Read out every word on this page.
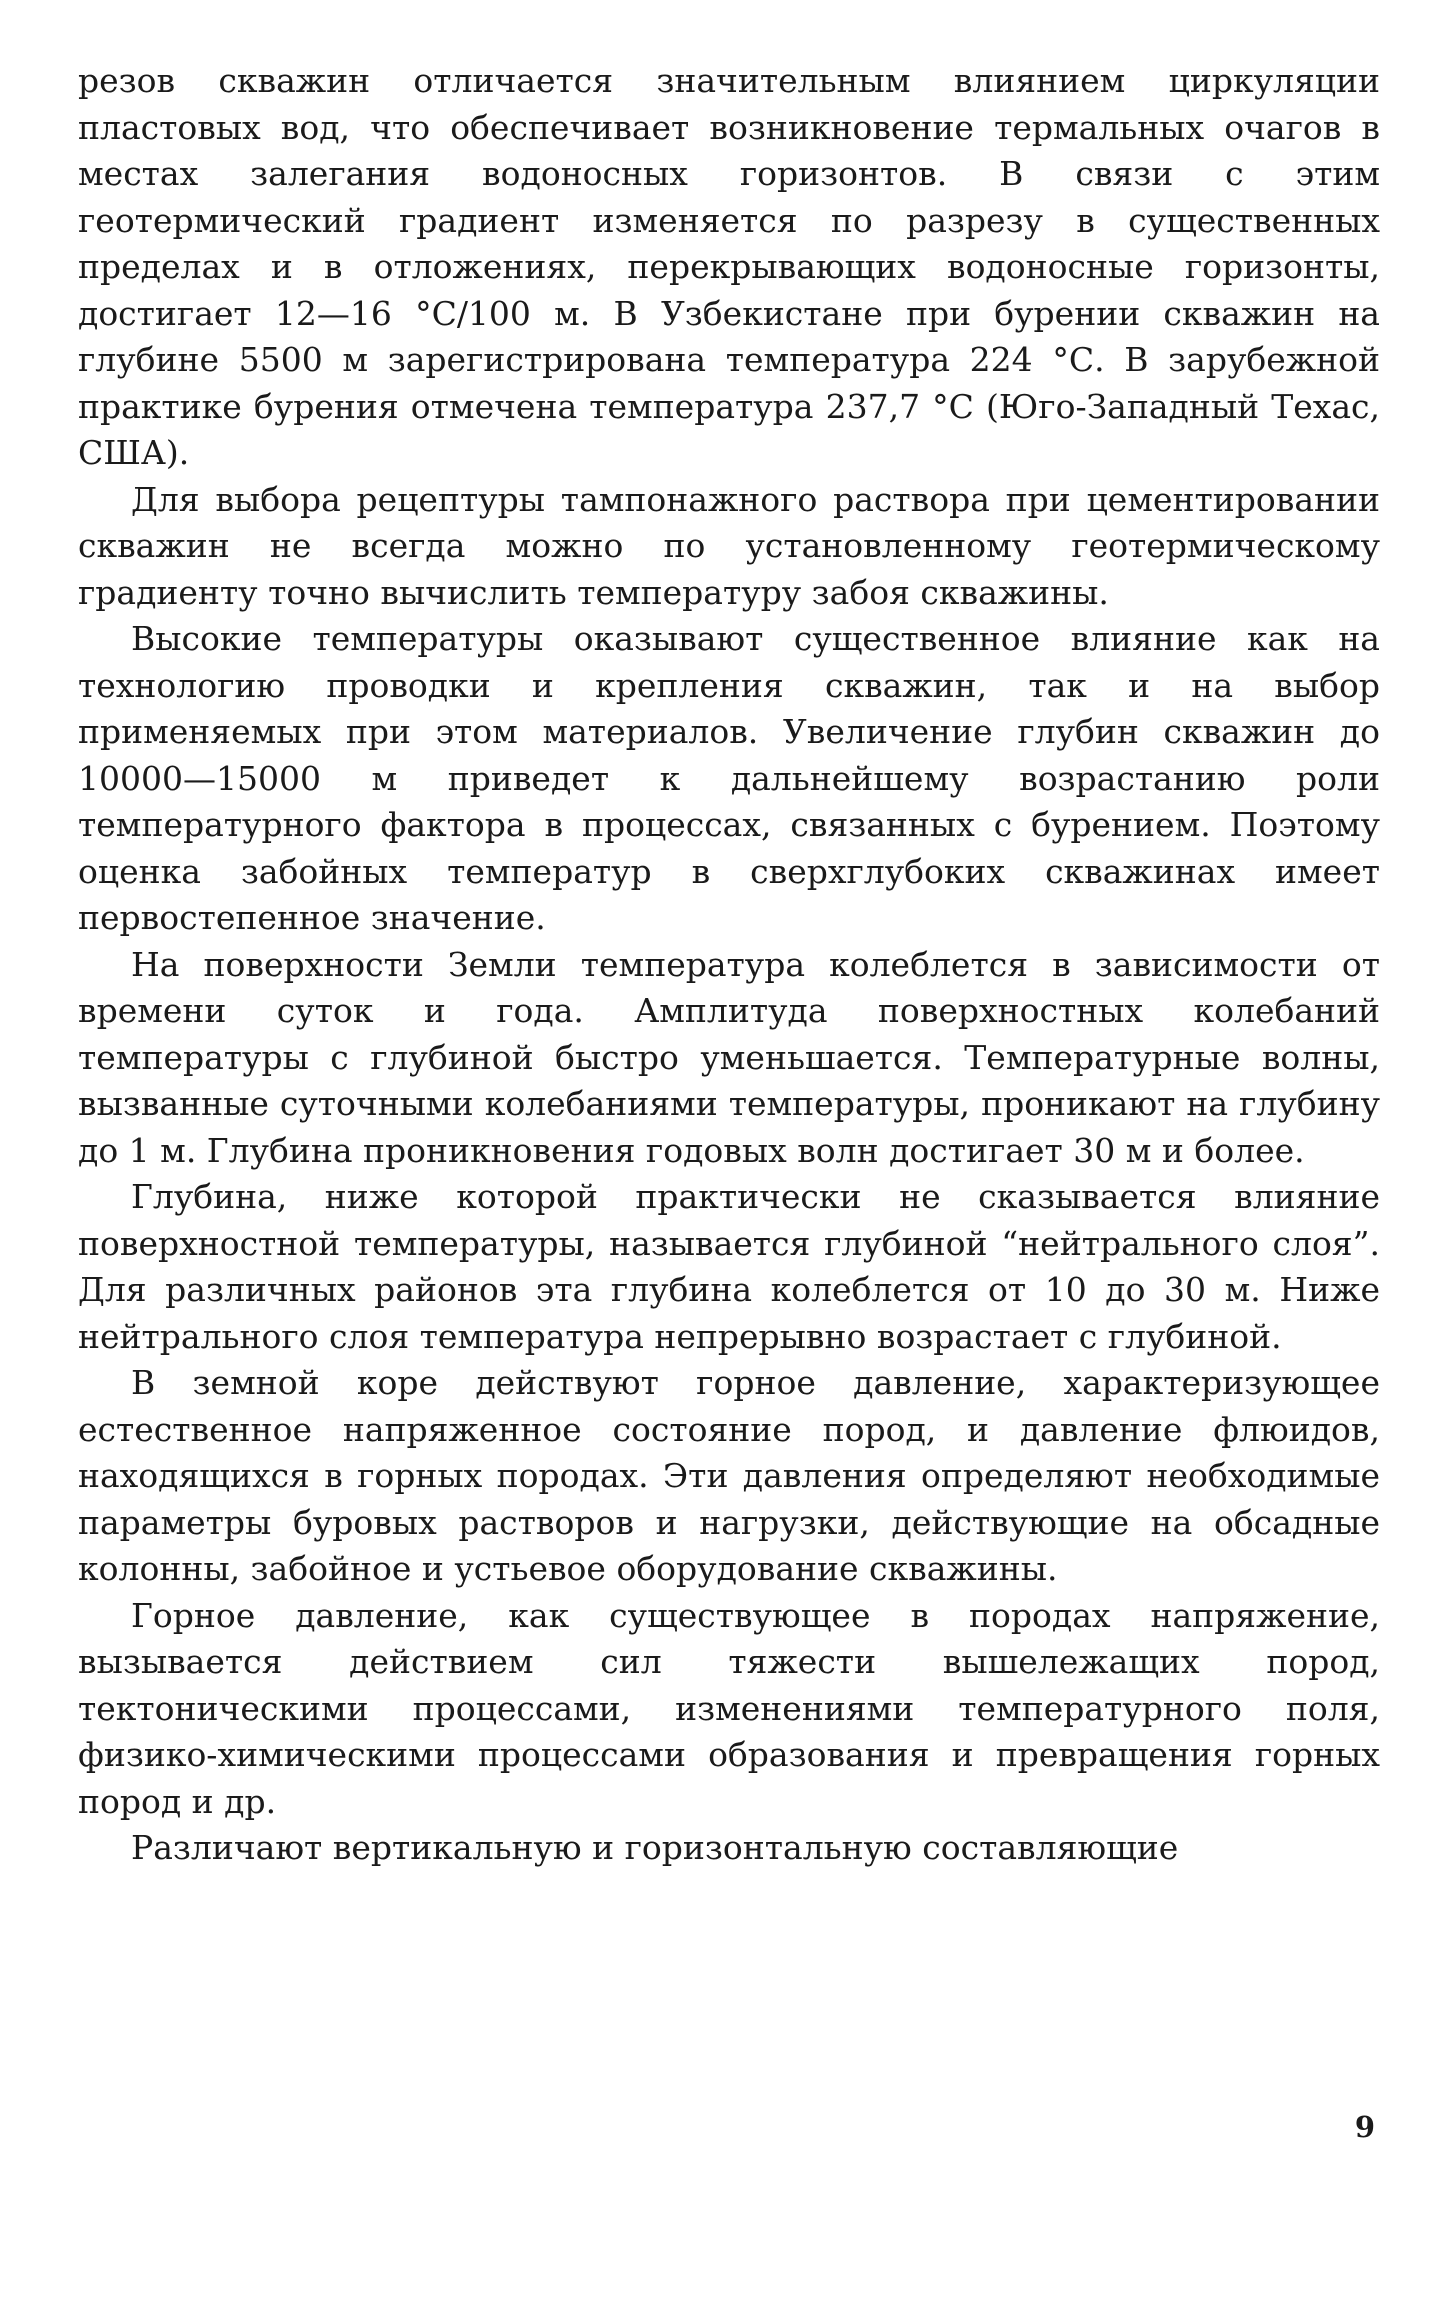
резов скважин отличается значительным влиянием циркуляции пластовых вод, что обеспечивает возникновение термальных очагов в местах залегания водоносных горизонтов. В связи с этим геотермический градиент изменяется по разрезу в существенных пределах и в отложениях, перекрывающих водоносные горизонты, достигает 12—16 °С/100 м. В Узбекистане при бурении скважин на глубине 5500 м зарегистрирована температура 224 °С. В зарубежной практике бурения отмечена температура 237,7 °С (Юго-Западный Техас, США).

Для выбора рецептуры тампонажного раствора при цементировании скважин не всегда можно по установленному геотермическому градиенту точно вычислить температуру забоя скважины.

Высокие температуры оказывают существенное влияние как на технологию проводки и крепления скважин, так и на выбор применяемых при этом материалов. Увеличение глубин скважин до 10000—15000 м приведет к дальнейшему возрастанию роли температурного фактора в процессах, связанных с бурением. Поэтому оценка забойных температур в сверхглубоких скважинах имеет первостепенное значение.

На поверхности Земли температура колеблется в зависимости от времени суток и года. Амплитуда поверхностных колебаний температуры с глубиной быстро уменьшается. Температурные волны, вызванные суточными колебаниями температуры, проникают на глубину до 1 м. Глубина проникновения годовых волн достигает 30 м и более.

Глубина, ниже которой практически не сказывается влияние поверхностной температуры, называется глубиной “нейтрального слоя”. Для различных районов эта глубина колеблется от 10 до 30 м. Ниже нейтрального слоя температура непрерывно возрастает с глубиной.

В земной коре действуют горное давление, характеризующее естественное напряженное состояние пород, и давление флюидов, находящихся в горных породах. Эти давления определяют необходимые параметры буровых растворов и нагрузки, действующие на обсадные колонны, забойное и устьевое оборудование скважины.

Горное давление, как существующее в породах напряжение, вызывается действием сил тяжести вышележащих пород, тектоническими процессами, изменениями температурного поля, физико-химическими процессами образования и превращения горных пород и др.

Различают вертикальную и горизонтальную составляющие

9
